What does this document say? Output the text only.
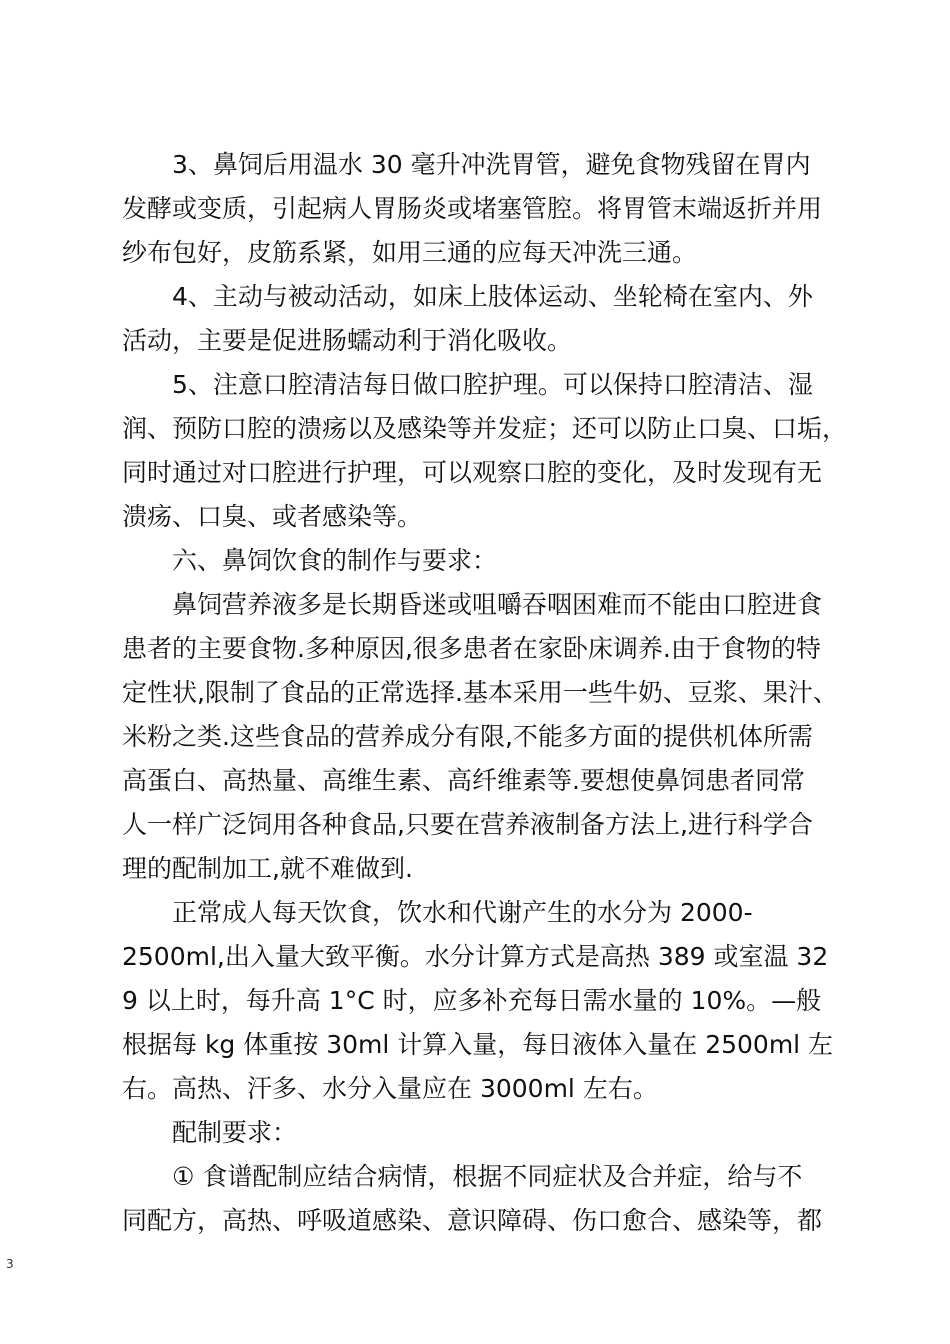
3、鼻饲后用温水 30 毫升冲洗胃管，避免食物残留在胃内
发酵或变质，引起病人胃肠炎或堵塞管腔。将胃管末端返折并用
纱布包好，皮筋系紧，如用三通的应每天冲洗三通。
4、主动与被动活动，如床上肢体运动、坐轮椅在室内、外
活动，主要是促进肠蠕动利于消化吸收。
5、注意口腔清洁每日做口腔护理。可以保持口腔清洁、湿
润、预防口腔的溃疡以及感染等并发症；还可以防止口臭、口垢，
同时通过对口腔进行护理，可以观察口腔的变化，及时发现有无
溃疡、口臭、或者感染等。
六、鼻饲饮食的制作与要求：
鼻饲营养液多是长期昏迷或咀嚼吞咽困难而不能由口腔进食
患者的主要食物.多种原因,很多患者在家卧床调养.由于食物的特
定性状,限制了食品的正常选择.基本采用一些牛奶、豆浆、果汁、
米粉之类.这些食品的营养成分有限,不能多方面的提供机体所需
高蛋白、高热量、高维生素、高纤维素等.要想使鼻饲患者同常
人一样广泛饲用各种食品,只要在营养液制备方法上,进行科学合
理的配制加工,就不难做到.
正常成人每天饮食，饮水和代谢产生的水分为 2000-
2500ml,出入量大致平衡。水分计算方式是高热 389 或室温 32
9 以上时，每升高 1°C 时，应多补充每日需水量的 10%。—般
根据每 kg 体重按 30ml 计算入量，每日液体入量在 2500ml 左
右。高热、汗多、水分入量应在 3000ml 左右。
配制要求：
① 食谱配制应结合病情，根据不同症状及合并症，给与不
同配方，高热、呼吸道感染、意识障碍、伤口愈合、感染等，都
3
